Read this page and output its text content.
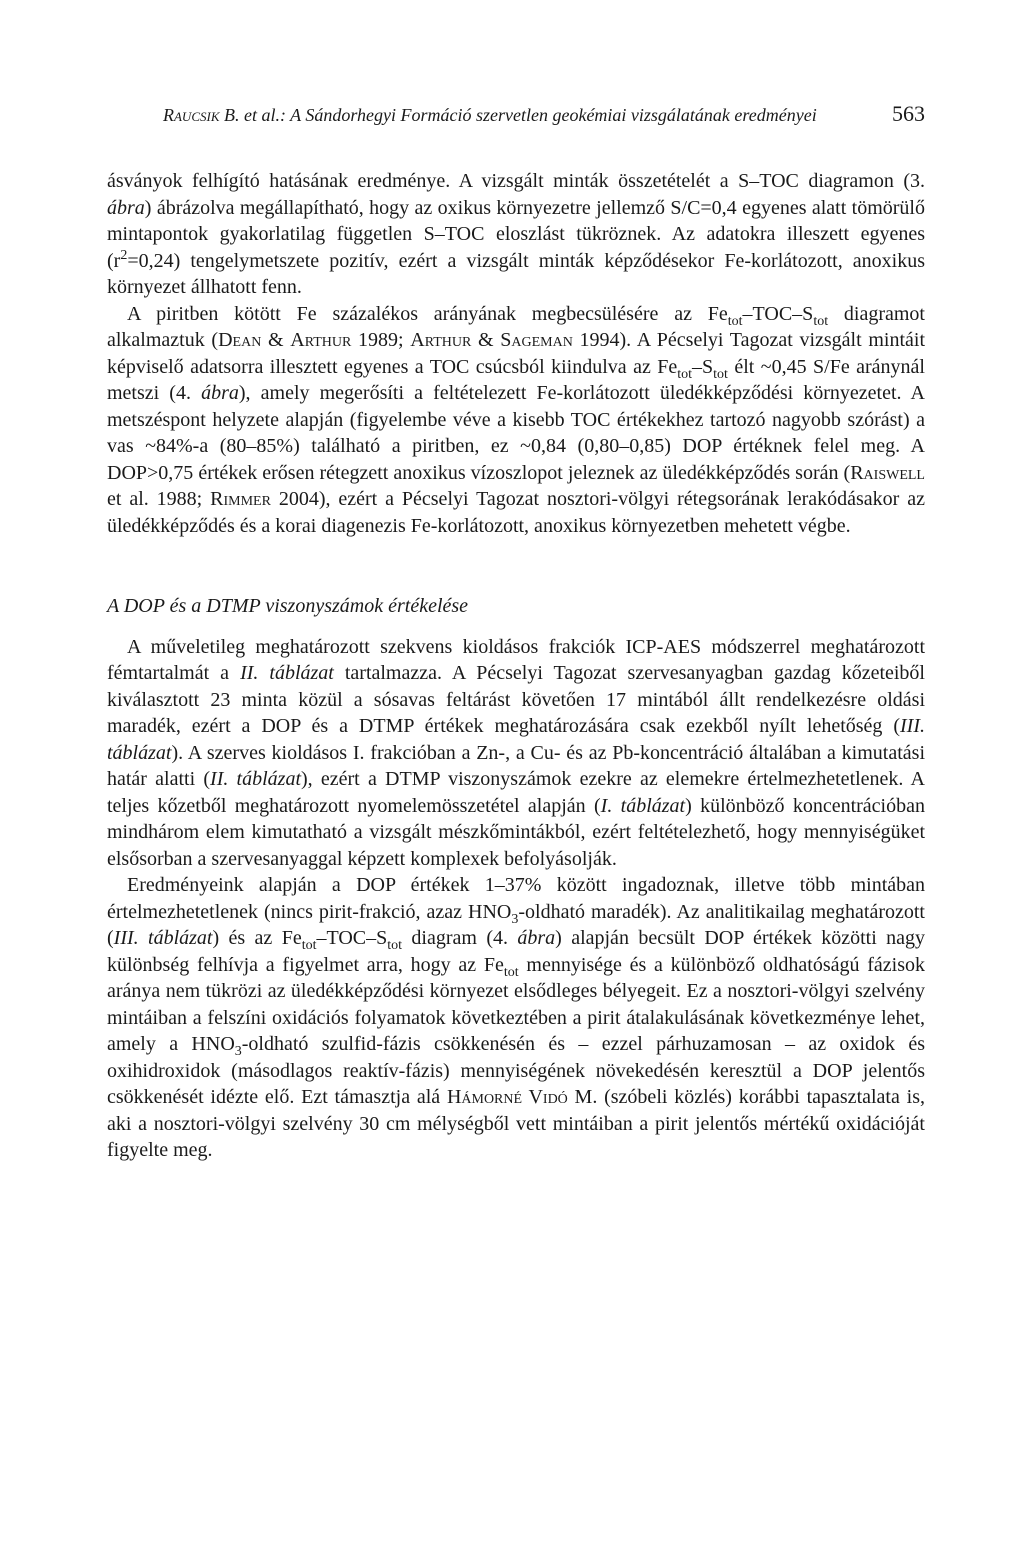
Raucsik B. et al.: A Sándorhegyi Formáció szervetlen geokémiai vizsgálatának eredményei	563

ásványok felhígító hatásának eredménye. A vizsgált minták összetételét a S–TOC diagramon (3. ábra) ábrázolva megállapítható, hogy az oxikus környezetre jellemző S/C=0,4 egyenes alatt tömörülő mintapontok gyakorlatilag független S–TOC eloszlást tükröznek. Az adatokra illeszett egyenes $(r^2=0,24)$ tengelymetszete pozitív, ezért a vizsgált minták képződésekor Fe-korlátozott, anoxikus környezet állhatott fenn.

A piritben kötött Fe százalékos arányának megbecsülésére az $Fe_{tot}-TOC-S_{tot}$ diagramot alkalmaztuk (Dean & Arthur 1989; Arthur & Sageman 1994). A Pécselyi Tagozat vizsgált mintáit képviselő adatsorra illesztett egyenes a TOC csúcsból kiindulva az $Fe_{tot}-S_{tot}$ élt ~0,45 S/Fe aránynál metszi (4. ábra), amely megerősíti a feltételezett Fe-korlátozott üledékképződési környezetet. A metszéspont helyzete alapján (figyelembe véve a kisebb TOC értékekhez tartozó nagyobb szórást) a vas ~84%-a (80–85%) található a piritben, ez ~0,84 (0,80–0,85) DOP értéknek felel meg. A DOP>0,75 értékek erősen rétegzett anoxikus vízoszlopot jeleznek az üledékképződés során (Raiswell et al. 1988; Rimmer 2004), ezért a Pécselyi Tagozat nosztori-völgyi rétegsorának lerakódásakor az üledékképződés és a korai diagenezis Fe-korlátozott, anoxikus környezetben mehetett végbe.

A DOP és a DTMP viszonyszámok értékelése

A műveletileg meghatározott szekvens kioldásos frakciók ICP-AES módszerrel meghatározott fémtartalmát a II. táblázat tartalmazza. A Pécselyi Tagozat szervesanyagban gazdag kőzeteiből kiválasztott 23 minta közül a sósavas feltárást követően 17 mintából állt rendelkezésre oldási maradék, ezért a DOP és a DTMP értékek meghatározására csak ezekből nyílt lehetőség (III. táblázat). A szerves kioldásos I. frakcióban a Zn-, a Cu- és az Pb-koncentráció általában a kimutatási határ alatti (II. táblázat), ezért a DTMP viszonyszámok ezekre az elemekre értelmezhetetlenek. A teljes kőzetből meghatározott nyomelemösszetétel alapján (I. táblázat) különböző koncentrációban mindhárom elem kimutatható a vizsgált mészkőmintákból, ezért feltételezhető, hogy mennyiségüket elsősorban a szervesanyaggal képzett komplexek befolyásolják.

Eredményeink alapján a DOP értékek 1–37% között ingadoznak, illetve több mintában értelmezhetetlenek (nincs pirit-frakció, azaz $HNO_3$-oldható maradék). Az analitikailag meghatározott (III. táblázat) és az $Fe_{tot}-TOC-S_{tot}$ diagram (4. ábra) alapján becsült DOP értékek közötti nagy különbség felhívja a figyelmet arra, hogy az $Fe_{tot}$ mennyisége és a különböző oldhatóságú fázisok aránya nem tükrözi az üledékképződési környezet elsődleges bélyegeit. Ez a nosztori-völgyi szelvény mintáiban a felszíni oxidációs folyamatok következtében a pirit átalakulásának következménye lehet, amely a $HNO_3$-oldható szulfid-fázis csökkenésén és – ezzel párhuzamosan – az oxidok és oxihidroxidok (másodlagos reaktív-fázis) mennyiségének növekedésén keresztül a DOP jelentős csökkenését idézte elő. Ezt támasztja alá Hámorné Vidó M. (szóbeli közlés) korábbi tapasztalata is, aki a nosztori-völgyi szelvény 30 cm mélységből vett mintáiban a pirit jelentős mértékű oxidációját figyelte meg.
